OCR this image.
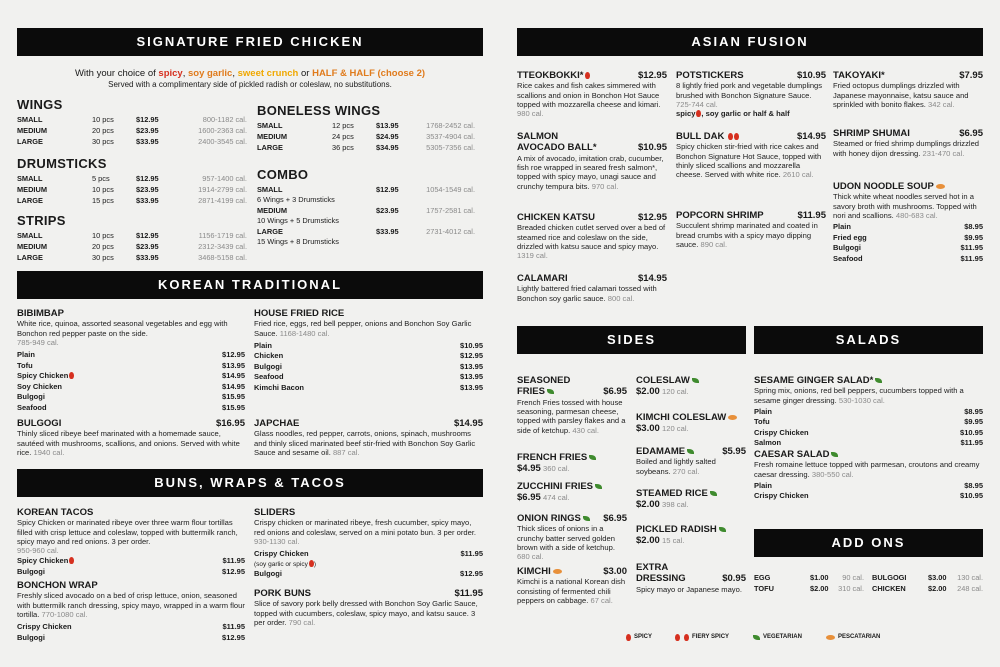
SIGNATURE FRIED CHICKEN
With your choice of spicy, soy garlic, sweet crunch or HALF & HALF (choose 2)
Served with a complimentary side of pickled radish or coleslaw, no substitutions.
WINGS
SMALL	10 pcs	$12.95	800-1182 cal.
MEDIUM	20 pcs	$23.95	1600-2363 cal.
LARGE	30 pcs	$33.95	2400-3545 cal.
DRUMSTICKS
SMALL	5 pcs	$12.95	957-1400 cal.
MEDIUM	10 pcs	$23.95	1914-2799 cal.
LARGE	15 pcs	$33.95	2871-4199 cal.
STRIPS
SMALL	10 pcs	$12.95	1156-1719 cal.
MEDIUM	20 pcs	$23.95	2312-3439 cal.
LARGE	30 pcs	$33.95	3468-5158 cal.
BONELESS WINGS
SMALL	12 pcs	$13.95	1768-2452 cal.
MEDIUM	24 pcs	$24.95	3537-4904 cal.
LARGE	36 pcs	$34.95	5305-7356 cal.
COMBO
SMALL	$12.95	1054-1549 cal.
6 Wings + 3 Drumsticks
MEDIUM	$23.95	1757-2581 cal.
10 Wings + 5 Drumsticks
LARGE	$33.95	2731-4012 cal.
15 Wings + 8 Drumsticks
KOREAN TRADITIONAL
BIBIMBAP
White rice, quinoa, assorted seasonal vegetables and egg with Bonchon red pepper paste on the side.
785-949 cal.
Plain	$12.95
Tofu	$13.95
Spicy Chicken	$14.95
Soy Chicken	$14.95
Bulgogi	$15.95
Seafood	$15.95
HOUSE FRIED RICE
Fried rice, eggs, red bell pepper, onions and Bonchon Soy Garlic Sauce. 1168-1480 cal.
Plain	$10.95
Chicken	$12.95
Bulgogi	$13.95
Seafood	$13.95
Kimchi Bacon	$13.95
BULGOGI	$16.95
Thinly sliced ribeye beef marinated with a homemade sauce, sautéed with mushrooms, scallions, and onions. Served with white rice. 1940 cal.
JAPCHAE	$14.95
Glass noodles, red pepper, carrots, onions, spinach, mushrooms and thinly sliced marinated beef stir-fried with Bonchon Soy Garlic Sauce and sesame oil. 887 cal.
BUNS, WRAPS & TACOS
KOREAN TACOS
Spicy Chicken or marinated ribeye over three warm flour tortillas filled with crisp lettuce and coleslaw, topped with buttermilk ranch, spicy mayo and red onions. 3 per order.
950-960 cal.
Spicy Chicken	$11.95
Bulgogi	$12.95
BONCHON WRAP
Freshly sliced avocado on a bed of crisp lettuce, onion, seasoned with buttermilk ranch dressing, spicy mayo, wrapped in a warm flour tortilla. 770-1080 cal.
Crispy Chicken	$11.95
Bulgogi	$12.95
SLIDERS
Crispy chicken or marinated ribeye, fresh cucumber, spicy mayo, red onions and coleslaw, served on a mini potato bun. 3 per order. 930-1130 cal.
Crispy Chicken	$11.95
(soy garlic or spicy )
Bulgogi	$12.95
PORK BUNS	$11.95
Slice of savory pork belly dressed with Bonchon Soy Garlic Sauce, topped with cucumbers, coleslaw, spicy mayo, and katsu sauce. 3 per order. 790 cal.
ASIAN FUSION
TTEOKBOKKI*	$12.95
Rice cakes and fish cakes simmered with scallions and onion in Bonchon Hot Sauce topped with mozzarella cheese and kimari. 980 cal.
SALMON
AVOCADO BALL*	$10.95
A mix of avocado, imitation crab, cucumber, fish roe wrapped in seared fresh salmon*, topped with spicy mayo, unagi sauce and crunchy tempura bits. 970 cal.
CHICKEN KATSU	$12.95
Breaded chicken cutlet served over a bed of steamed rice and coleslaw on the side, drizzled with katsu sauce and spicy mayo. 1319 cal.
CALAMARI	$14.95
Lightly battered fried calamari tossed with Bonchon soy garlic sauce. 800 cal.
POTSTICKERS	$10.95
8 lightly fried pork and vegetable dumplings brushed with Bonchon Signature Sauce. 725-744 cal.
spicy , soy garlic or half & half
BULL DAK	$14.95
Spicy chicken stir-fried with rice cakes and Bonchon Signature Hot Sauce, topped with thinly sliced scallions and mozzarella cheese. Served with white rice. 2610 cal.
POPCORN SHRIMP	$11.95
Succulent shrimp marinated and coated in bread crumbs with a spicy mayo dipping sauce. 890 cal.
TAKOYAKI*	$7.95
Fried octopus dumplings drizzled with Japanese mayonnaise, katsu sauce and sprinkled with bonito flakes. 342 cal.
SHRIMP SHUMAI	$6.95
Steamed or fried shrimp dumplings drizzled with honey dijon dressing. 231-470 cal.
UDON NOODLE SOUP
Thick white wheat noodles served hot in a savory broth with mushrooms. Topped with nori and scallions. 480-683 cal.
Plain	$8.95
Fried egg	$9.95
Bulgogi	$11.95
Seafood	$11.95
SIDES
SEASONED
FRIES	$6.95
French Fries tossed with house seasoning, parmesan cheese, topped with parsley flakes and a side of ketchup. 430 cal.
FRENCH FRIES
$4.95 360 cal.
ZUCCHINI FRIES
$6.95 474 cal.
ONION RINGS	$6.95
Thick slices of onions in a crunchy batter served golden brown with a side of ketchup. 680 cal.
KIMCHI	$3.00
Kimchi is a national Korean dish consisting of fermented chili peppers on cabbage. 67 cal.
COLESLAW
$2.00 120 cal.
KIMCHI COLESLAW
$3.00 120 cal.
EDAMAME	$5.95
Boiled and lightly salted soybeans. 270 cal.
STEAMED RICE
$2.00 398 cal.
PICKLED RADISH
$2.00 15 cal.
EXTRA
DRESSING	$0.95
Spicy mayo or Japanese mayo.
SALADS
SESAME GINGER SALAD*
Spring mix, onions, red bell peppers, cucumbers topped with a sesame ginger dressing. 530-1030 cal.
Plain	$8.95
Tofu	$9.95
Crispy Chicken	$10.95
Salmon	$11.95
CAESAR SALAD
Fresh romaine lettuce topped with parmesan, croutons and creamy caesar dressing. 380-550 cal.
Plain	$8.95
Crispy Chicken	$10.95
ADD ONS
EGG	$1.00	90 cal.
TOFU	$2.00	310 cal.
BULGOGI	$3.00	130 cal.
CHICKEN	$2.00	248 cal.
SPICY	FIERY SPICY	VEGETARIAN	PESCATARIAN
